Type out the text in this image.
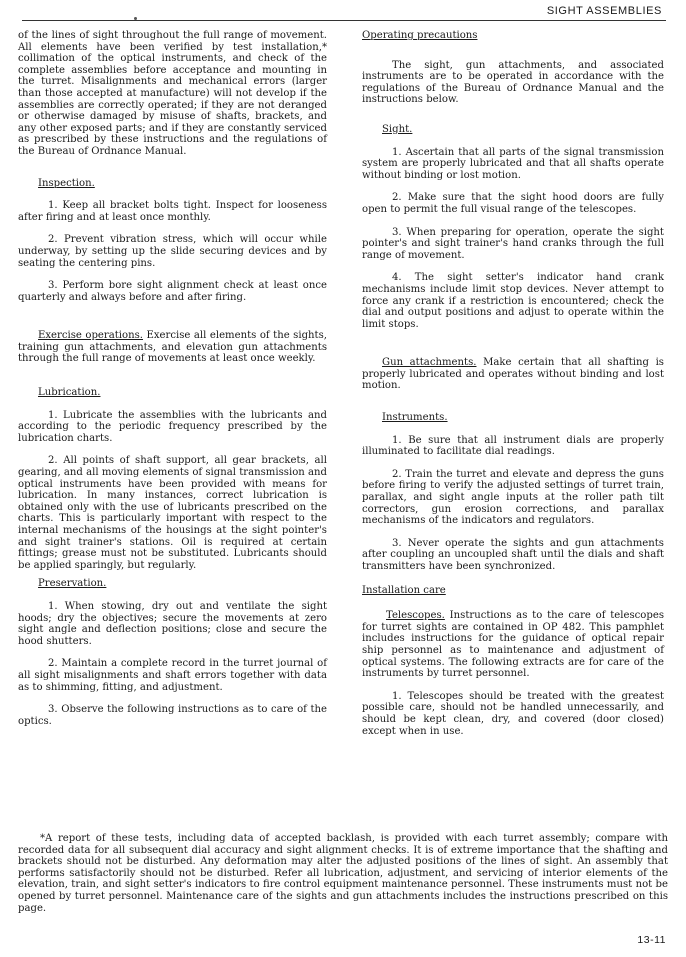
SIGHT ASSEMBLIES

of the lines of sight throughout the full range of movement. All elements have been verified by test installation,* collimation of the optical instruments, and check of the complete assemblies before acceptance and mounting in the turret. Misalignments and mechanical errors (larger than those accepted at manufacture) will not develop if the assemblies are correctly operated; if they are not deranged or otherwise damaged by misuse of shafts, brackets, and any other exposed parts; and if they are constantly serviced as prescribed by these instructions and the regulations of the Bureau of Ordnance Manual.

Inspection.

1. Keep all bracket bolts tight. Inspect for looseness after firing and at least once monthly.

2. Prevent vibration stress, which will occur while underway, by setting up the slide securing devices and by seating the centering pins.

3. Perform bore sight alignment check at least once quarterly and always before and after firing.

Exercise operations. Exercise all elements of the sights, training gun attachments, and elevation gun attachments through the full range of movements at least once weekly.

Lubrication.

1. Lubricate the assemblies with the lubricants and according to the periodic frequency prescribed by the lubrication charts.

2. All points of shaft support, all gear brackets, all gearing, and all moving elements of signal transmission and optical instruments have been provided with means for lubrication. In many instances, correct lubrication is obtained only with the use of lubricants prescribed on the charts. This is particularly important with respect to the internal mechanisms of the housings at the sight pointer's and sight trainer's stations. Oil is required at certain fittings; grease must not be substituted. Lubricants should be applied sparingly, but regularly.

Preservation.

1. When stowing, dry out and ventilate the sight hoods; dry the objectives; secure the movements at zero sight angle and deflection positions; close and secure the hood shutters.

2. Maintain a complete record in the turret journal of all sight misalignments and shaft errors together with data as to shimming, fitting, and adjustment.

3. Observe the following instructions as to care of the optics.

Operating precautions

The sight, gun attachments, and associated instruments are to be operated in accordance with the regulations of the Bureau of Ordnance Manual and the instructions below.

Sight.

1. Ascertain that all parts of the signal transmission system are properly lubricated and that all shafts operate without binding or lost motion.

2. Make sure that the sight hood doors are fully open to permit the full visual range of the telescopes.

3. When preparing for operation, operate the sight pointer's and sight trainer's hand cranks through the full range of movement.

4. The sight setter's indicator hand crank mechanisms include limit stop devices. Never attempt to force any crank if a restriction is encountered; check the dial and output positions and adjust to operate within the limit stops.

Gun attachments. Make certain that all shafting is properly lubricated and operates without binding and lost motion.

Instruments.

1. Be sure that all instrument dials are properly illuminated to facilitate dial readings.

2. Train the turret and elevate and depress the guns before firing to verify the adjusted settings of turret train, parallax, and sight angle inputs at the roller path tilt correctors, gun erosion corrections, and parallax mechanisms of the indicators and regulators.

3. Never operate the sights and gun attachments after coupling an uncoupled shaft until the dials and shaft transmitters have been synchronized.

Installation care

Telescopes. Instructions as to the care of telescopes for turret sights are contained in OP 482. This pamphlet includes instructions for the guidance of optical repair ship personnel as to maintenance and adjustment of optical systems. The following extracts are for care of the instruments by turret personnel.

1. Telescopes should be treated with the greatest possible care, should not be handled unnecessarily, and should be kept clean, dry, and covered (door closed) except when in use.

*A report of these tests, including data of accepted backlash, is provided with each turret assembly; compare with recorded data for all subsequent dial accuracy and sight alignment checks. It is of extreme importance that the shafting and brackets should not be disturbed. Any deformation may alter the adjusted positions of the lines of sight. An assembly that performs satisfactorily should not be disturbed. Refer all lubrication, adjustment, and servicing of interior elements of the elevation, train, and sight setter's indicators to fire control equipment maintenance personnel. These instruments must not be opened by turret personnel. Maintenance care of the sights and gun attachments includes the instructions prescribed on this page.

13-11
